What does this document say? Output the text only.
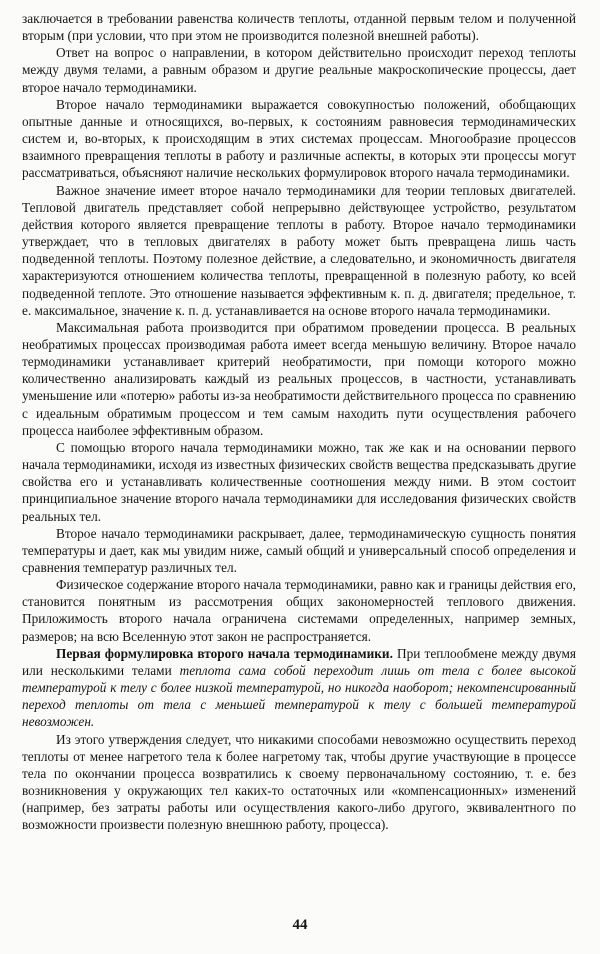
заключается в требовании равенства количеств теплоты, отданной первым телом и полученной вторым (при условии, что при этом не производится полезной внешней работы).

Ответ на вопрос о направлении, в котором действительно происходит переход теплоты между двумя телами, а равным образом и другие реальные макроскопические процессы, дает второе начало термодинамики.

Второе начало термодинамики выражается совокупностью положений, обобщающих опытные данные и относящихся, во-первых, к состояниям равновесия термодинамических систем и, во-вторых, к происходящим в этих системах процессам. Многообразие процессов взаимного превращения теплоты в работу и различные аспекты, в которых эти процессы могут рассматриваться, объясняют наличие нескольких формулировок второго начала термодинамики.

Важное значение имеет второе начало термодинамики для теории тепловых двигателей. Тепловой двигатель представляет собой непрерывно действующее устройство, результатом действия которого является превращение теплоты в работу. Второе начало термодинамики утверждает, что в тепловых двигателях в работу может быть превращена лишь часть подведенной теплоты. Поэтому полезное действие, а следовательно, и экономичность двигателя характеризуются отношением количества теплоты, превращенной в полезную работу, ко всей подведенной теплоте. Это отношение называется эффективным к. п. д. двигателя; предельное, т. е. максимальное, значение к. п. д. устанавливается на основе второго начала термодинамики.

Максимальная работа производится при обратимом проведении процесса. В реальных необратимых процессах производимая работа имеет всегда меньшую величину. Второе начало термодинамики устанавливает критерий необратимости, при помощи которого можно количественно анализировать каждый из реальных процессов, в частности, устанавливать уменьшение или «потерю» работы из-за необратимости действительного процесса по сравнению с идеальным обратимым процессом и тем самым находить пути осуществления рабочего процесса наиболее эффективным образом.

С помощью второго начала термодинамики можно, так же как и на основании первого начала термодинамики, исходя из известных физических свойств вещества предсказывать другие свойства его и устанавливать количественные соотношения между ними. В этом состоит принципиальное значение второго начала термодинамики для исследования физических свойств реальных тел.

Второе начало термодинамики раскрывает, далее, термодинамическую сущность понятия температуры и дает, как мы увидим ниже, самый общий и универсальный способ определения и сравнения температур различных тел.

Физическое содержание второго начала термодинамики, равно как и границы действия его, становится понятным из рассмотрения общих закономерностей теплового движения. Приложимость второго начала ограничена системами определенных, например земных, размеров; на всю Вселенную этот закон не распространяется.

Первая формулировка второго начала термодинамики. При теплообмене между двумя или несколькими телами теплота сама собой переходит лишь от тела с более высокой температурой к телу с более низкой температурой, но никогда наоборот; некомпенсированный переход теплоты от тела с меньшей температурой к телу с большей температурой невозможен.

Из этого утверждения следует, что никакими способами невозможно осуществить переход теплоты от менее нагретого тела к более нагретому так, чтобы другие участвующие в процессе тела по окончании процесса возвратились к своему первоначальному состоянию, т. е. без возникновения у окружающих тел каких-то остаточных или «компенсационных» изменений (например, без затраты работы или осуществления какого-либо другого, эквивалентного по возможности произвести полезную внешнюю работу, процесса).

44
